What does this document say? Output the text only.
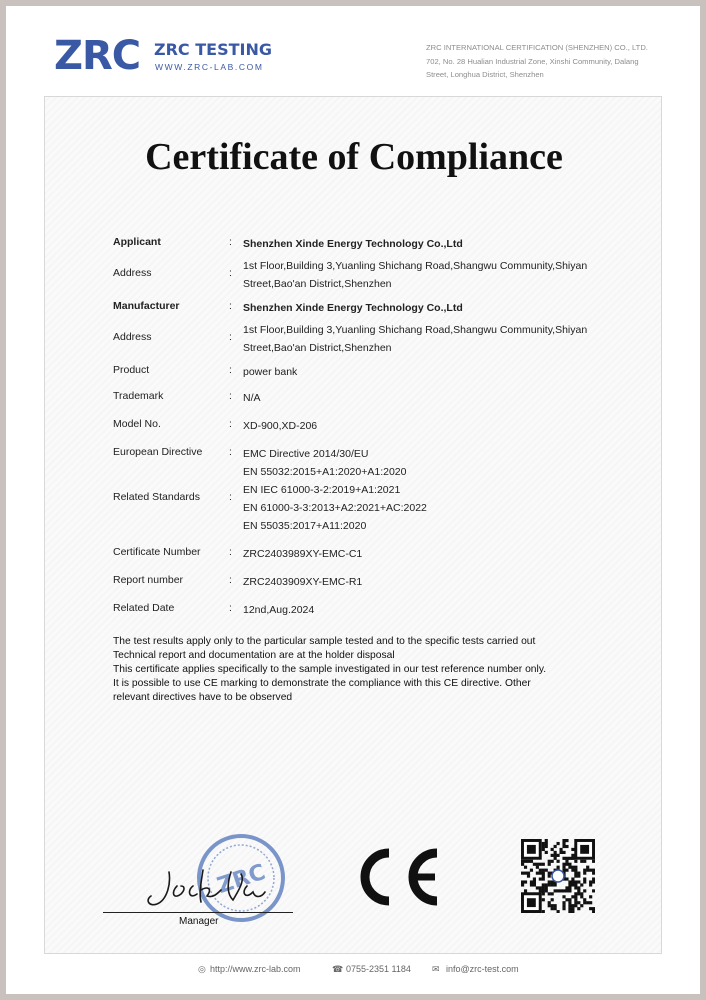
ZRC ZRC TESTING
WWW.ZRC-LAB.COM
ZRC INTERNATIONAL CERTIFICATION (SHENZHEN) CO., LTD.
702, No. 28 Hualian Industrial Zone, Xinshi Community, Dalang
Street, Longhua District, Shenzhen
Certificate of Compliance
Applicant	: Shenzhen Xinde Energy Technology Co.,Ltd
Address	:
1st Floor,Building 3,Yuanling Shichang Road,Shangwu Community,Shiyan
Street,Bao'an District,Shenzhen
Manufacturer	: Shenzhen Xinde Energy Technology Co.,Ltd
Address	:
1st Floor,Building 3,Yuanling Shichang Road,Shangwu Community,Shiyan
Street,Bao'an District,Shenzhen
Product	: power bank
Trademark	: N/A
Model No.	: XD-900,XD-206
European Directive	: EMC Directive 2014/30/EU
Related Standards	:
EN 55032:2015+A1:2020+A1:2020
EN IEC 61000-3-2:2019+A1:2021
EN 61000-3-3:2013+A2:2021+AC:2022
EN 55035:2017+A11:2020
Certificate Number	: ZRC2403989XY-EMC-C1
Report number	: ZRC2403909XY-EMC-R1
Related Date	: 12nd,Aug.2024
The test results apply only to the particular sample tested and to the specific tests carried out
Technical report and documentation are at the holder disposal
This certificate applies specifically to the sample investigated in our test reference number only.
It is possible to use CE marking to demonstrate the compliance with this CE directive. Other
relevant directives have to be observed
ZRC
Manager
◎ http://www.zrc-lab.com	☎ 0755-2351 1184 ✉ info@zrc-test.com
